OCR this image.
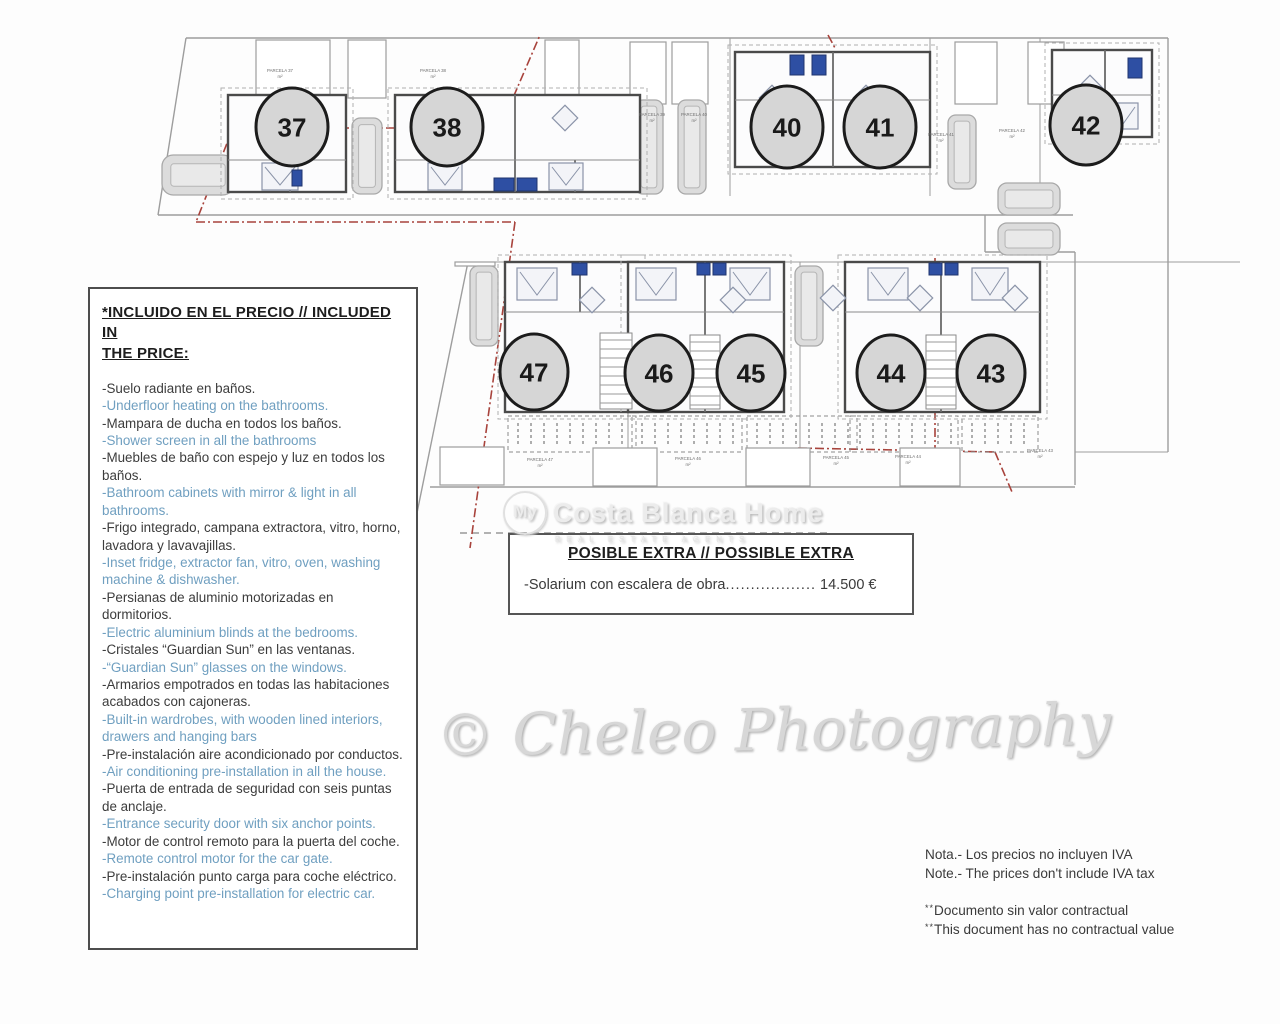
37	38	40 41	42
47	46 45	44	43
PARCELA 37
m²
PARCELA 38
m²
PARCELA 39
m²
PARCELA 40
m²
PARCELA 41
m²
PARCELA 42
m²
PARCELA 47
m²
PARCELA 46
m²
PARCELA 45
m²
PARCELA 44
m²
PARCELA 43
m²
*INCLUIDO EN EL PRECIO // INCLUDED IN
THE PRICE:
-Suelo radiante en baños.
-Underfloor heating on the bathrooms.
-Mampara de ducha en todos los baños.
-Shower screen in all the bathrooms
-Muebles de baño con espejo y luz en todos los baños.
-Bathroom cabinets with mirror & light in all bathrooms.
-Frigo integrado, campana extractora, vitro, horno, lavadora y lavavajillas.
-Inset fridge, extractor fan, vitro, oven, washing machine & dishwasher.
-Persianas de aluminio motorizadas en dormitorios.
-Electric aluminium blinds at the bedrooms.
-Cristales “Guardian Sun” en las ventanas.
-“Guardian Sun” glasses on the windows.
-Armarios empotrados en todas las habitaciones acabados con cajoneras.
-Built-in wardrobes, with wooden lined interiors, drawers and hanging bars
-Pre-instalación aire acondicionado por conductos.
-Air conditioning pre-installation in all the house.
-Puerta de entrada de seguridad con seis puntas de anclaje.
-Entrance security door with six anchor points.
-Motor de control remoto para la puerta del coche.
-Remote control motor for the car gate.
-Pre-instalación punto carga para coche eléctrico.
-Charging point pre-installation for electric car.
POSIBLE EXTRA // POSSIBLE EXTRA

-Solarium con escalera de obra.................. 14.500 €

My Costa Blanca Home
REAL ESTATE AGENTS
© Cheleo Photography
Nota.- Los precios no incluyen IVA
Note.- The prices don't include IVA tax
**Documento sin valor contractual
**This document has no contractual value
